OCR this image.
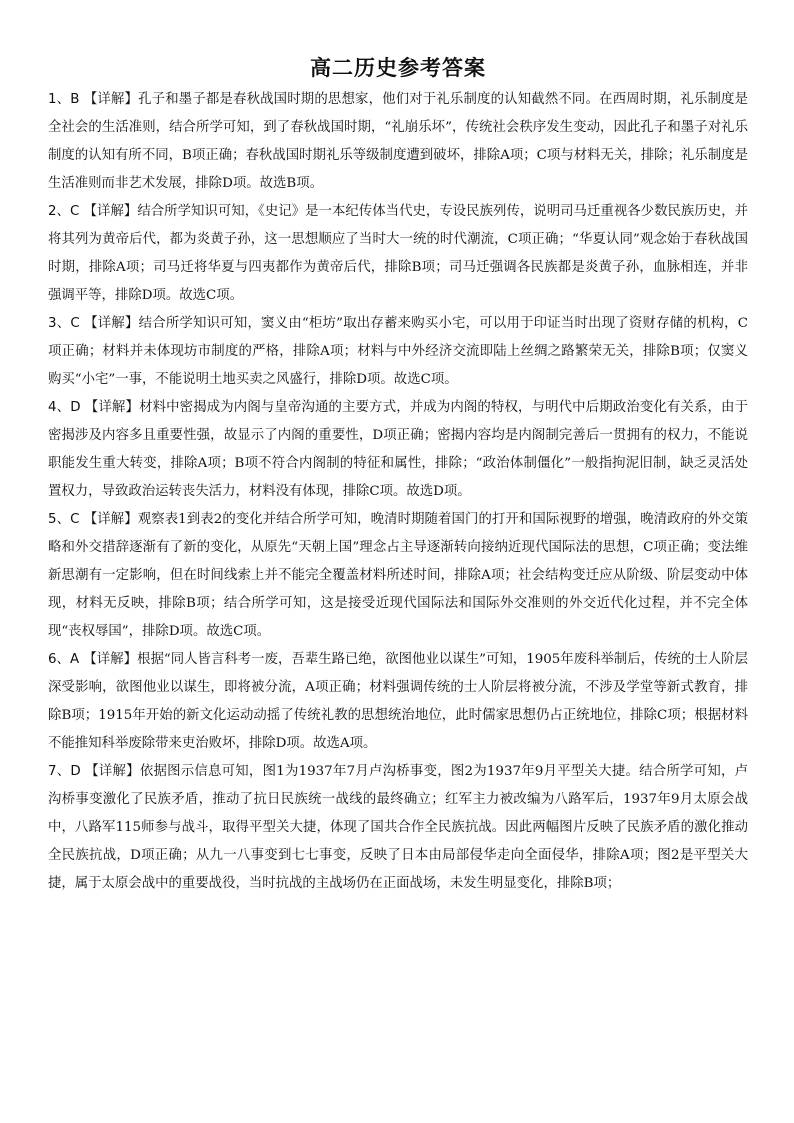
高二历史参考答案

1、B 【详解】孔子和墨子都是春秋战国时期的思想家，他们对于礼乐制度的认知截然不同。在西周时期，礼乐制度是全社会的生活准则，结合所学可知，到了春秋战国时期，“礼崩乐坏”，传统社会秩序发生变动，因此孔子和墨子对礼乐制度的认知有所不同，B项正确；春秋战国时期礼乐等级制度遭到破坏，排除A项；C项与材料无关，排除；礼乐制度是生活准则而非艺术发展，排除D项。故选B项。

2、C 【详解】结合所学知识可知，《史记》是一本纪传体当代史，专设民族列传，说明司马迁重视各少数民族历史，并将其列为黄帝后代，都为炎黄子孙，这一思想顺应了当时大一统的时代潮流，C项正确；“华夏认同”观念始于春秋战国时期，排除A项；司马迁将华夏与四夷都作为黄帝后代，排除B项；司马迁强调各民族都是炎黄子孙，血脉相连，并非强调平等，排除D项。故选C项。

3、C 【详解】结合所学知识可知，窦义由“柜坊”取出存蓄来购买小宅，可以用于印证当时出现了资财存储的机构，C项正确；材料并未体现坊市制度的严格，排除A项；材料与中外经济交流即陆上丝绸之路繁荣无关，排除B项；仅窦义购买“小宅”一事，不能说明土地买卖之风盛行，排除D项。故选C项。

4、D 【详解】材料中密揭成为内阁与皇帝沟通的主要方式，并成为内阁的特权，与明代中后期政治变化有关系，由于密揭涉及内容多且重要性强，故显示了内阁的重要性，D项正确；密揭内容均是内阁制完善后一贯拥有的权力，不能说职能发生重大转变，排除A项；B项不符合内阁制的特征和属性，排除；“政治体制僵化”一般指拘泥旧制，缺乏灵活处置权力，导致政治运转丧失活力，材料没有体现，排除C项。故选D项。

5、C 【详解】观察表1到表2的变化并结合所学可知，晚清时期随着国门的打开和国际视野的增强，晚清政府的外交策略和外交措辞逐渐有了新的变化，从原先“天朝上国”理念占主导逐渐转向接纳近现代国际法的思想，C项正确；变法维新思潮有一定影响，但在时间线索上并不能完全覆盖材料所述时间，排除A项；社会结构变迁应从阶级、阶层变动中体现，材料无反映，排除B项；结合所学可知，这是接受近现代国际法和国际外交准则的外交近代化过程，并不完全体现“丧权辱国”，排除D项。故选C项。

6、A 【详解】根据“同人皆言科考一废，吾辈生路已绝，欲图他业以谋生”可知，1905年废科举制后，传统的士人阶层深受影响，欲图他业以谋生，即将被分流，A项正确；材料强调传统的士人阶层将被分流，不涉及学堂等新式教育，排除B项；1915年开始的新文化运动动摇了传统礼教的思想统治地位，此时儒家思想仍占正统地位，排除C项；根据材料不能推知科举废除带来吏治败坏，排除D项。故选A项。

7、D 【详解】依据图示信息可知，图1为1937年7月卢沟桥事变，图2为1937年9月平型关大捷。结合所学可知，卢沟桥事变激化了民族矛盾，推动了抗日民族统一战线的最终确立；红军主力被改编为八路军后，1937年9月太原会战中，八路军115师参与战斗，取得平型关大捷，体现了国共合作全民族抗战。因此两幅图片反映了民族矛盾的激化推动全民族抗战，D项正确；从九一八事变到七七事变，反映了日本由局部侵华走向全面侵华，排除A项；图2是平型关大捷，属于太原会战中的重要战役，当时抗战的主战场仍在正面战场，未发生明显变化，排除B项；
